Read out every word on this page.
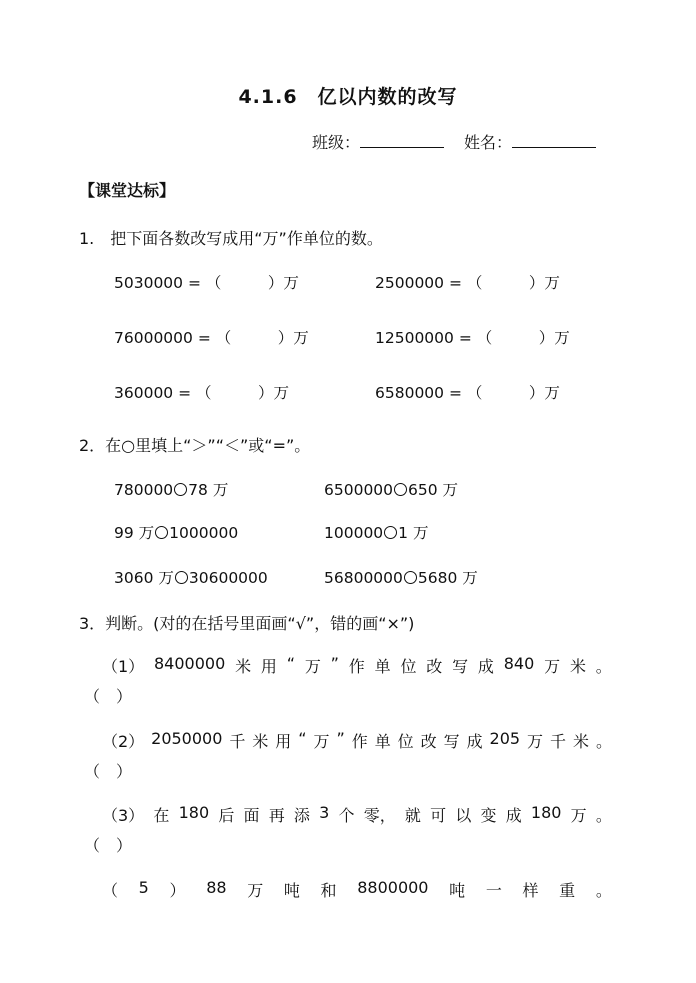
4.1.6　亿以内数的改写
班级：	姓名：
【课堂达标】
1.　把下面各数改写成用“万”作单位的数。
5030000 = （　　　）万	2500000 = （　　　）万
76000000 = （　　　）万	12500000 = （　　　）万
360000 = （　　　）万	6580000 = （　　　）万
2．在○里填上“＞”“＜”或“=”。
780000 78 万	6500000 650 万
99 万 1000000	100000 1 万
3060 万 30600000	56800000 5680 万
3．判断。(对的在括号里面画“√”，错的画“×”)
（1） 8400000 米 用 “ 万 ” 作 单 位 改 写 成 840 万 米 。
（　）
（2） 2050000 千 米 用 “ 万 ” 作 单 位 改 写 成 205 万 千 米 。
（　）
（3） 在 180 后 面 再 添 3 个 零， 就 可 以 变 成 180 万 。
（　）
（ 5 ） 88 万 吨 和 8800000 吨 一 样 重 。
